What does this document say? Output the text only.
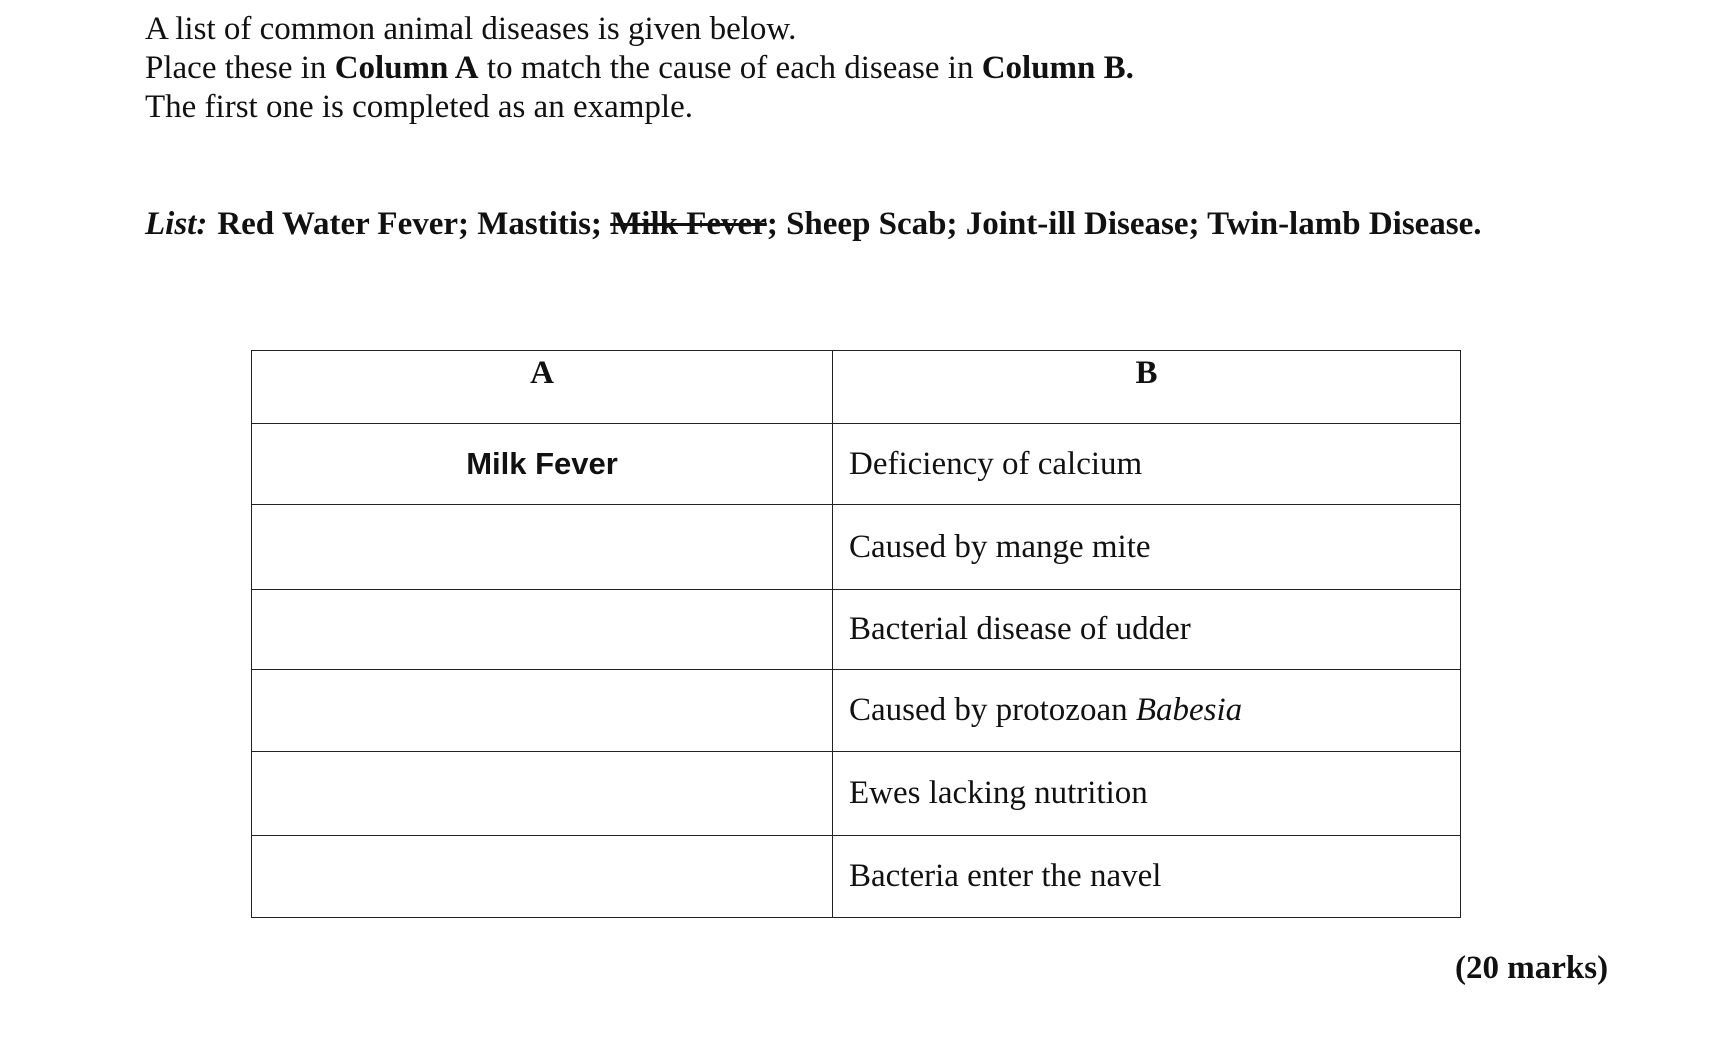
A list of common animal diseases is given below.

Place these in Column A to match the cause of each disease in Column B.

The first one is completed as an example.

List: Red Water Fever; Mastitis; Milk Fever; Sheep Scab; Joint-ill Disease; Twin-lamb Disease.
A	B
Milk Fever	Deficiency of calcium
	Caused by mange mite
	Bacterial disease of udder
	Caused by protozoan Babesia
	Ewes lacking nutrition
	Bacteria enter the navel
(20 marks)
